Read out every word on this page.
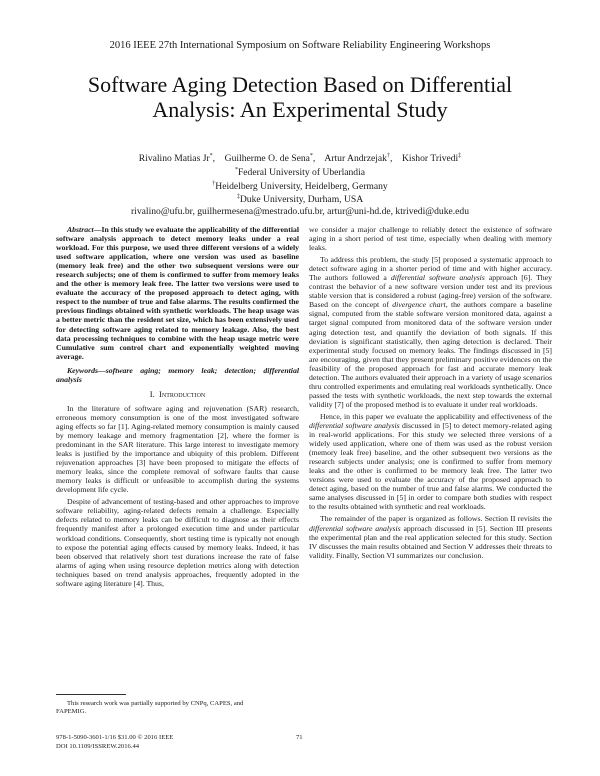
2016 IEEE 27th International Symposium on Software Reliability Engineering Workshops
Software Aging Detection Based on Differential
Analysis: An Experimental Study
Rivalino Matias Jr*,    Guilherme O. de Sena*,    Artur Andrzejak†,    Kishor Trivedi‡
*Federal University of Uberlandia
†Heidelberg University, Heidelberg, Germany
‡Duke University, Durham, USA
rivalino@ufu.br, guilhermesena@mestrado.ufu.br, artur@uni-hd.de, ktrivedi@duke.edu

Abstract—In this study we evaluate the applicability of the differential software analysis approach to detect memory leaks under a real workload. For this purpose, we used three different versions of a widely used software application, where one version was used as baseline (memory leak free) and the other two subsequent versions were our research subjects; one of them is confirmed to suffer from memory leaks and the other is memory leak free. The latter two versions were used to evaluate the accuracy of the proposed approach to detect aging, with respect to the number of true and false alarms. The results confirmed the previous findings obtained with synthetic workloads. The heap usage was a better metric than the resident set size, which has been extensively used for detecting software aging related to memory leakage. Also, the best data processing techniques to combine with the heap usage metric were Cumulative sum control chart and exponentially weighted moving average.

Keywords—software aging; memory leak; detection; differential analysis

I. Introduction

In the literature of software aging and rejuvenation (SAR) research, erroneous memory consumption is one of the most investigated software aging effects so far [1]. Aging-related memory consumption is mainly caused by memory leakage and memory fragmentation [2], where the former is predominant in the SAR literature. This large interest to investigate memory leaks is justified by the importance and ubiquity of this problem. Different rejuvenation approaches [3] have been proposed to mitigate the effects of memory leaks, since the complete removal of software faults that cause memory leaks is difficult or unfeasible to accomplish during the systems development life cycle.

Despite of advancement of testing-based and other approaches to improve software reliability, aging-related defects remain a challenge. Especially defects related to memory leaks can be difficult to diagnose as their effects frequently manifest after a prolonged execution time and under particular workload conditions. Consequently, short testing time is typically not enough to expose the potential aging effects caused by memory leaks. Indeed, it has been observed that relatively short test durations increase the rate of false alarms of aging when using resource depletion metrics along with detection techniques based on trend analysis approaches, frequently adopted in the software aging literature [4]. Thus,

we consider a major challenge to reliably detect the existence of software aging in a short period of test time, especially when dealing with memory leaks.

To address this problem, the study [5] proposed a systematic approach to detect software aging in a shorter period of time and with higher accuracy. The authors followed a differential software analysis approach [6]. They contrast the behavior of a new software version under test and its previous stable version that is considered a robust (aging-free) version of the software. Based on the concept of divergence chart, the authors compare a baseline signal, computed from the stable software version monitored data, against a target signal computed from monitored data of the software version under aging detection test, and quantify the deviation of both signals. If this deviation is significant statistically, then aging detection is declared. Their experimental study focused on memory leaks. The findings discussed in [5] are encouraging, given that they present preliminary positive evidences on the feasibility of the proposed approach for fast and accurate memory leak detection. The authors evaluated their approach in a variety of usage scenarios thru controlled experiments and emulating real workloads synthetically. Once passed the tests with synthetic workloads, the next step towards the external validity [7] of the proposed method is to evaluate it under real workloads.

Hence, in this paper we evaluate the applicability and effectiveness of the differential software analysis discussed in [5] to detect memory-related aging in real-world applications. For this study we selected three versions of a widely used application, where one of them was used as the robust version (memory leak free) baseline, and the other subsequent two versions as the research subjects under analysis; one is confirmed to suffer from memory leaks and the other is confirmed to be memory leak free. The latter two versions were used to evaluate the accuracy of the proposed approach to detect aging, based on the number of true and false alarms. We conducted the same analyses discussed in [5] in order to compare both studies with respect to the results obtained with synthetic and real workloads.

The remainder of the paper is organized as follows. Section II revisits the differential software analysis approach discussed in [5]. Section III presents the experimental plan and the real application selected for this study. Section IV discusses the main results obtained and Section V addresses their threats to validity. Finally, Section VI summarizes our conclusion.

This research work was partially supported by CNPq, CAPES, and
FAPEMIG.
978-1-5090-3601-1/16 $31.00 © 2016 IEEE
DOI 10.1109/ISSREW.2016.44
71
